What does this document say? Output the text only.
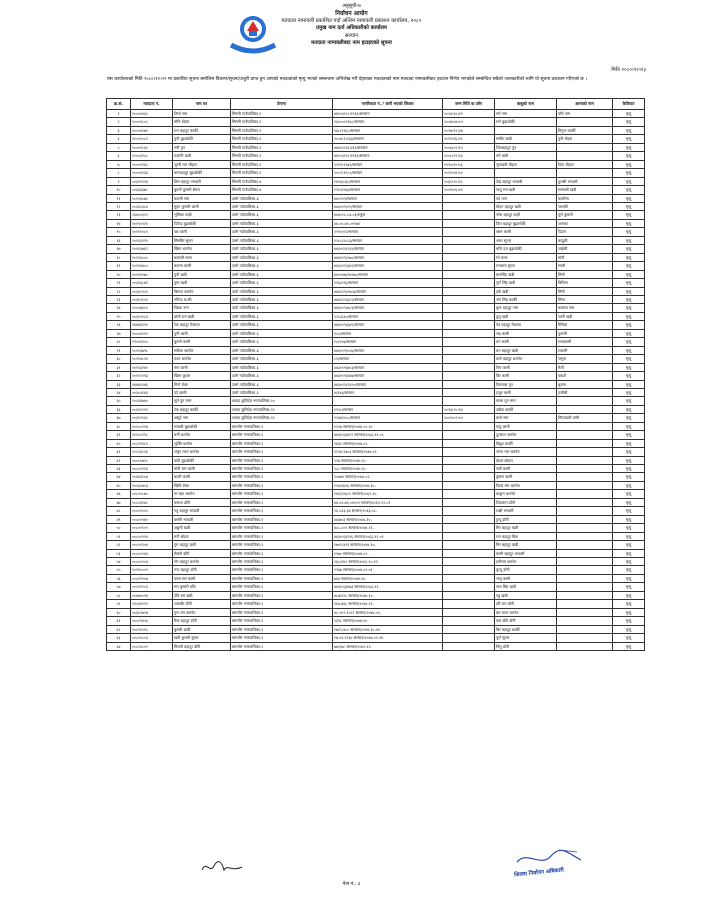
अनुसूची-७
निर्वाचन आयोग
मतदाता नामावली प्रकाशित गर्दा अन्तिम नामावली प्रकाशन कार्यालय, २०८०
प्रमुख नाम दर्ता अधिकारीको कार्यालय
सल्यान
मतदाता नामावलीबाट नाम हटाइएको सूचना
मिति २०८०।१२।१३
यस कार्यालयको मिति २०८०।११।२२ मा प्रकाशित सूचना बमोजिम विवरण/सूचना/उजुरी प्राप्त हुन आएको मतदाताको मृत्यु भएको सम्बन्धमा अभिलेख गरी देहायका मतदाताको नाम मतदाता नामावलीबाट हटाउन निर्णय भएकोले सम्बन्धित सबैको जानकारीको लागि यो सूचना प्रकाशन गरिएको छ ।
क्र.सं.	मतदाता नं.	नाम थर	ठेगाना	नागरिकता नं. / जारी भएको जिल्ला	जन्म मिति वा उमेर	बाबुको नाम	आमाको नाम	कैफियत
१	१०००१४३०	तिलो नाम	सिमनी गाउँपालिका-१	४४१०३१।१।१९६१/सल्यान	२०५३।१०।२१	रुमे नाम	पाँचे नाम	मृत्यु
२	१०००१८८८	मोति बोहरा	सिमनी गाउँपालिका-१	९३०००।१९६८/सल्यान	२००७।०४।०५	रत्ने बुढाथोकी		मृत्यु
३	१०००४२७१	रत्न बहादुर कार्की	सिमनी गाउँपालिका-१	९६८।१९६८/सल्यान	२०२७।१२।२७		मिनुना कार्की	मृत्यु
४	१०००१०८१	पुनी बुढाथोकी	सिमनी गाउँपालिका-१	२०८४।१।२३३/सल्यान	२०११।१६।२१	संभीत खत्री	पुनी बोहरा	मृत्यु
५	१०००१८३०	नमी पुन	सिमनी गाउँपालिका-१	४४३०२२।६।२६९/सल्यान	२००६।०९।१५	जितबहादुर पुन		मृत्यु
६	१०००३९०८	पदमनि खत्री	सिमनी गाउँपालिका-१	४४१०३१।१।१९६१/सल्यान	२००८।१२।१३	रुमे खत्री		मृत्यु
७	१०००२९६१	जुग्नी राम चौहान	सिमनी गाउँपालिका-१	१२१९।२२७९/सल्यान	१९९५।१०।०६	जुनखत्री चौहान	दिपा चौहान	मृत्यु
८	१०००४१३३	चानबहादुर बुढाथोकी	सिमनी गाउँपालिका-१	१०८२।१९८०/सल्यान	२०१२।०४।०२			मृत्यु
९	००३२१९९४	तिल बहादुर भण्डारी	सिमनी गाउँपालिका-४	१४१३/८६८/सल्यान	२०६१।१०।२८	देख बहादुर भण्डारी	तुलसी भण्डारी	मृत्यु
१०	००३३३३७८	बुधनी कुमारी सेवरा	सिमनी गाउँपालिका-४	१९०२/१६४/सल्यान	२००९।०६।०१	पालु राम खत्री	सरस्वती खत्री	मृत्यु
११	१०११३०७२	कलमी नाम	दार्मा गाउँपालिका-६	४४०१९९/सल्यान		पदे नाम	कालीमा	मृत्यु
१२	००३३०३८४	मुहन कुमारी कामी	दार्मा गाउँपालिका-६	४४३०१९/२१/सल्यान		मोहन बहादुर खत्री	जानकी	मृत्यु
१३	२३४००३२५	भूमिका शाही	दार्मा गाउँपालिका-६	४४३०२८-०३-०३/रुकुम		नरेश बहादुर शाही	पूर्ण कुमारी	मृत्यु
१४	१०१९०९२१	दिपेन्द्र बुढाथोकी	दार्मा गाउँपालिका-६	४४-०१-७९-०१९७४		तिल बहादुर बुढाथोकी	जानका	मृत्यु
१५	१०११९०८९	पन्न कामी	दार्मा गाउँपालिका-६	२१९०/१२/सल्यान		रक्षरु कामी	दिउले	मृत्यु
१६	१०११३९९९	सिमबिर सुनार	दार्मा गाउँपालिका-६	१२८८/२८८३/सल्यान		अमर सुनार	कादुली	मृत्यु
१७	१०११३७६९	खिमा थलनेत	दार्मा गाउँपालिका-६	४४३०१९/१३२/सल्यान		चलि दत्त बुढाथोकी	जाईली	मृत्यु
१८	१०११३००८	कलाली मल्ल	दार्मा गाउँपालिका-६	४४३०१९/१७०/सल्यान		रने मल्ल	मोती	मृत्यु
१९	१०११४४८०	कलमा कामी	दार्मा गाउँपालिका-६	४४३०१९/३४१/सल्यान		रत्नाराम सुनार	साली	मृत्यु
२०	१०११४९७०	पुनी खत्री	दार्मा गाउँपालिका-६	४४०१४७/१४१७०/सल्यान		मानसिंह खत्री	सिनी	मृत्यु
२१	००३१६८७९	पुष्प खत्री	दार्मा गाउँपालिका-६	१९६/५९६/सल्यान		पूर्ण सिंह खत्री	विनिसा	मृत्यु
२२	००३१०९०९	बिमला थलनेत	दार्मा गाउँपालिका-६	४४३०१९/१४८७/सल्यान		हर्के खत्री	सिनी	मृत्यु
२३	००३१०१०१	नमिन्द्र क.सी.	दार्मा गाउँपालिका-६	४४३०१९/३८१/सल्यान		जंग सिंह कार्की	सिमा	मृत्यु
२४	२०००७३८१	दिप्रक नाम	दार्मा गाउँपालिका-६	४४३०१९/७८९/सल्यान		कुल बहादुर नाम	कामला नाम	मृत्यु
२५	००३१०१८३	डोली राम खत्री	दार्मा गाउँपालिका-६	१२८/६३०/सल्यान		तुलु खत्री	जानी खत्री	मृत्यु
२६	१४४४६९९१	टेक बहादुर रोकाया	दार्मा गाउँपालिका-६	४४३०१९/६७१/सल्यान		नेत्र बहादुर रोकाया	रिमिला	मृत्यु
२७	१०००४१११	पुनी कामी	दार्मा गाउँपालिका-६	९८८/सल्यान		भद्र कामी	पुनासी	मृत्यु
२८	१९००४९०५	कुम्ली कामी	दार्मा गाउँपालिका-६	१०/२०७/सल्यान		धन कामी	राधाकामी	मृत्यु
२९	१०११३७९८	सबिता थलनेत	दार्मा गाउँपालिका-६	४४३०१९/५०६/सल्यान		धन बहादुर खत्री	लालमी	मृत्यु
३०	१०११४८२४	पदम थलनेत	दार्मा गाउँपालिका-६	८१/सल्यान		कर्ण बहादुर थलनेत	जमुना	मृत्यु
३१	१०११३२४१	गंगा कामी	दार्मा गाउँपालिका-६	४४३०१९/७०३/सल्यान		निरु कामी	मैली	मृत्यु
३२	१०११२१९३	खिमा कुवार	दार्मा गाउँपालिका-६	४४३०१९/४४७/सल्यान		बिर कामी	पबाटी	मृत्यु
३३	१४४४३९४६	मिनो रोका	दार्मा गाउँपालिका-६	४४३०१९/१३१०/सल्यान		नितलाल पुन	धुलना	मृत्यु
३४	००३०३१४३	पदे कामी	दार्मा गाउँपालिका-६	४/१४३/सल्यान		हजुर कामी	हजीली	मृत्यु
३५	१०८४३७४०	सुर्य पुन मगर	शारदा कुलिदेव नगरपालिका-१०			कामा पुन मगर		मृत्यु
३६	००३११२९१	टेक बहादुर कार्की	शारदा कुलिदेव नगरपालिका-११	१९२८/सल्यान	२०९३।१०।१३	दबीक कार्की		मृत्यु
३७	००३११९३०	असुदे नाम	शारदा कुलिदेव नगरपालिका-११	१२३४/१०८/सल्यान	२००१।०१।०५	धासे नाम	सिप्पाडली दम्मी	मृत्यु
३८	१०१८०२१७	नरबली बुढाथोकी	बागचौर नगरपालिका-१	१२२७ सल्यान/२०४४-०२-१०		पातु कामी		मृत्यु
३९	१०१८०२९८	धर्मी थलनेत	बागचौर नगरपालिका-१	४४३०२३/४१२ सल्यान/२०६३-१९-०८		दुल्लाल थलनेत		मृत्यु
४०	००८२९९८९	भुक्ति थलनेत	बागचौर नगरपालिका-१	१६४१ सल्यान/२०४४-०२-		विद्युत कार्की		मृत्यु
४१	१०८१३८२६	जमुन लाल थलनेत	बागचौर नगरपालिका-१	१२२४-१७०३ सल्यान/२०४४-०२-		जग्गा राम थलनेत		मृत्यु
४२	००८००७२८	ठाडि बुढाथोकी	बागचौर नगरपालिका-१	१२७ सल्यान/२०४४-१०-		ईश्वर कोहरा		मृत्यु
४३	००८०१९१३	मोती राम कामी	बागचौर नगरपालिका-१	१८८ सल्यान/२०४४-१०-		पसी कामी		मृत्यु
४४	१०४४३२८७	काली कामी	बागचौर नगरपालिका-१	२०७४४ सल्यान/२०४४-०१-		कुसार कामी		मृत्यु
४५	१००६०७०३	खिमि रोका	बागचौर नगरपालिका-१	१९४२/६१६ सल्यान/२०४४-१०-		दिल्ल राम थलनेत		मृत्यु
४६	००८००८७०	नर बहा थलनेत	बागचौर नगरपालिका-१	२४६२/१६८१ सल्यान/२०६१-१०-		ठाकुरा थलनेत		मृत्यु
४७	१०८०३१४८	कमला डाँगी	बागचौर नगरपालिका-१	४४-०१-७९-०४२०९ सल्यान/२०६९-१२-०९		टिकाराम डाँगी		मृत्यु
४८	००८०२००५	नवु बहादुर भण्डारी	बागचौर नगरपालिका-१	२६-०३३-३४ सल्यान/२०६३-०८-		लक्षी भण्डारी		मृत्यु
४९	००८००९४०	वसमी भण्डारी	बागचौर नगरपालिका-१	४४/७०३ सल्यान/२०४४-१०-		हुन्दु डाँगी		मृत्यु
५०	००८०१९०९	अछुनी खत्री	बागचौर नगरपालिका-१	४८८-८०१ सल्यान/२०४४-१२-		मिर बहादुर खत्री		मृत्यु
५१	००८०१९१४	मनी सोहरा	बागचौर नगरपालिका-१	४४३०२३/९९६ सल्यान/२०६३-१९-०१		रत्न बहादुर बिक		मृत्यु
५२	००८०१९०४	गुम बहादुर खत्री	बागचौर नगरपालिका-१	१७०९-४१९ सल्यान/२०४४-१०-		मिर बहादुर खत्री		मृत्यु
५३	००८००२४३	सैकरी डाँगी	बागचौर नगरपालिका-१	१९७० सल्यान/२०४४-०२-		कामी बहादुर भण्डारी		मृत्यु
५४	००८००२८४	गोर बहादुर थलनेत	बागचौर नगरपालिका-१	२६८/१४२ सल्यान/२०६१-१०-१२		हनीराम थलनेत		मृत्यु
५५	१०१९०००९	नन्द बहादुर डाँगी	बागचौर नगरपालिका-१	१९६७ सल्यान/२०४४-०१-०१		कुन्दु डाँगी		मृत्यु
५६	००८११९०७	पासा राम कामी	बागचौर नगरपालिका-१	७६४ सल्यान/२०४४-१०-		भानु कामी		मृत्यु
५७	००८१११०९	सन कुमारी बलि	बागचौर नगरपालिका-१	४४३०२३/४७३ सल्यान/२०६३-११-		नाल सिंह खत्री		मृत्यु
५८	००४४४०९४	देवि राम खत्री	बागचौर नगरपालिका-१	४८७/१२८ सल्यान/२०४४-१०-		गडु खत्री		मृत्यु
५९	१९०३४९२१	जकबीर डाँगी	बागचौर नगरपालिका-१	१४३-७४८ सल्यान/२०४४-१२-		हरि राम डाँगी		मृत्यु
६०	००३०२७२७	गुण राम थलनेत	बागचौर नगरपालिका-१	४८-२०१-१०२१ सल्यान/२०४४-०१-		बार लाल थलनेत		मृत्यु
६१	००८०९४०६	रिक बहादुर डाँगी	बागचौर नगरपालिका-१	१३९८ सल्यान/२०४४-१०-		कम बलि डाँगी		मृत्यु
६२	१०८९११९०	बुसली डाकी	बागचौर नगरपालिका-१	१७८९-४८० सल्यान/२०४४-१०-१४		बिर बहादुर कार्की		मृत्यु
६३	००८२०८०३	खती कुमारी सुनार	बागचौर नगरपालिका-१	१७-५९-१२३० सल्यान/२०४४-०२-१४		पूर्ण सुनार		मृत्यु
६४	००८२०८०१	मिलती बहादुर डाँगी	बागचौर नगरपालिका-१	७७१/७८ सल्यान/२०४२-१२-		सिपु डाँगी		मृत्यु
जिल्ला निर्वाचन अधिकारी
पेज नं.: ३
